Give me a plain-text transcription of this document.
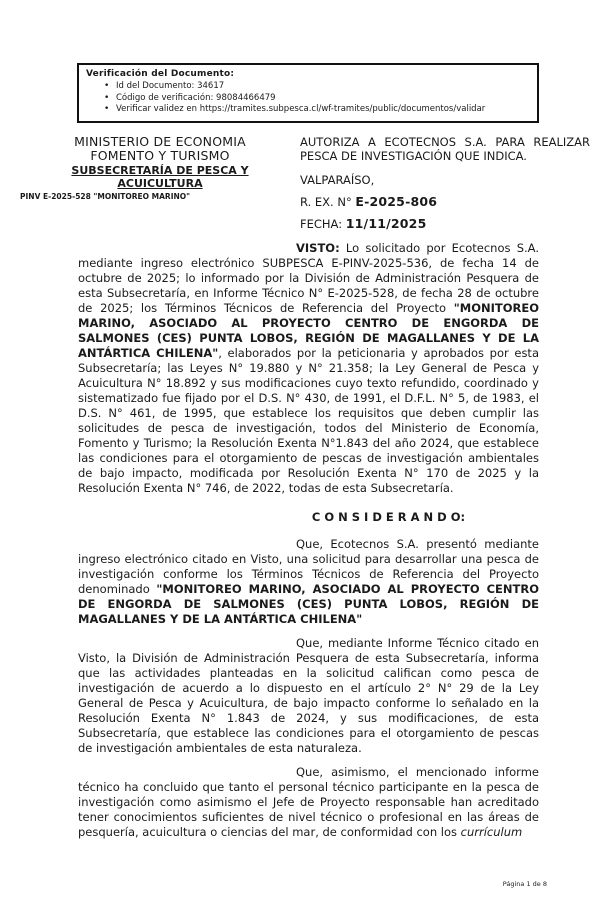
Verificación del Documento:
• Id del Documento: 34617
• Código de verificación: 98084466479
• Verificar validez en https://tramites.subpesca.cl/wf-tramites/public/documentos/validar
MINISTERIO DE ECONOMIA
FOMENTO Y TURISMO
SUBSECRETARÍA DE PESCA Y
ACUICULTURA
PINV E-2025-528 "MONITOREO MARINO"
AUTORIZA A ECOTECNOS S.A. PARA REALIZAR PESCA DE INVESTIGACIÓN QUE INDICA.
VALPARAÍSO,
R. EX. N° E-2025-806
FECHA: 11/11/2025

VISTO: Lo solicitado por Ecotecnos S.A. mediante ingreso electrónico SUBPESCA E-PINV-2025-536, de fecha 14 de octubre de 2025; lo informado por la División de Administración Pesquera de esta Subsecretaría, en Informe Técnico N° E-2025-528, de fecha 28 de octubre de 2025; los Términos Técnicos de Referencia del Proyecto "MONITOREO MARINO, ASOCIADO AL PROYECTO CENTRO DE ENGORDA DE SALMONES (CES) PUNTA LOBOS, REGIÓN DE MAGALLANES Y DE LA ANTÁRTICA CHILENA", elaborados por la peticionaria y aprobados por esta Subsecretaría; las Leyes N° 19.880 y N° 21.358; la Ley General de Pesca y Acuicultura N° 18.892 y sus modificaciones cuyo texto refundido, coordinado y sistematizado fue fijado por el D.S. N° 430, de 1991, el D.F.L. N° 5, de 1983, el D.S. N° 461, de 1995, que establece los requisitos que deben cumplir las solicitudes de pesca de investigación, todos del Ministerio de Economía, Fomento y Turismo; la Resolución Exenta N°1.843 del año 2024, que establece las condiciones para el otorgamiento de pescas de investigación ambientales de bajo impacto, modificada por Resolución Exenta N° 170 de 2025 y la Resolución Exenta N° 746, de 2022, todas de esta Subsecretaría.

C O N S I D E R A N D O:

Que, Ecotecnos S.A. presentó mediante ingreso electrónico citado en Visto, una solicitud para desarrollar una pesca de investigación conforme los Términos Técnicos de Referencia del Proyecto denominado "MONITOREO MARINO, ASOCIADO AL PROYECTO CENTRO DE ENGORDA DE SALMONES (CES) PUNTA LOBOS, REGIÓN DE MAGALLANES Y DE LA ANTÁRTICA CHILENA"

Que, mediante Informe Técnico citado en Visto, la División de Administración Pesquera de esta Subsecretaría, informa que las actividades planteadas en la solicitud califican como pesca de investigación de acuerdo a lo dispuesto en el artículo 2° N° 29 de la Ley General de Pesca y Acuicultura, de bajo impacto conforme lo señalado en la Resolución Exenta N° 1.843 de 2024, y sus modificaciones, de esta Subsecretaría, que establece las condiciones para el otorgamiento de pescas de investigación ambientales de esta naturaleza.

Que, asimismo, el mencionado informe técnico ha concluido que tanto el personal técnico participante en la pesca de investigación como asimismo el Jefe de Proyecto responsable han acreditado tener conocimientos suficientes de nivel técnico o profesional en las áreas de pesquería, acuicultura o ciencias del mar, de conformidad con los currículum

Página 1 de 8
